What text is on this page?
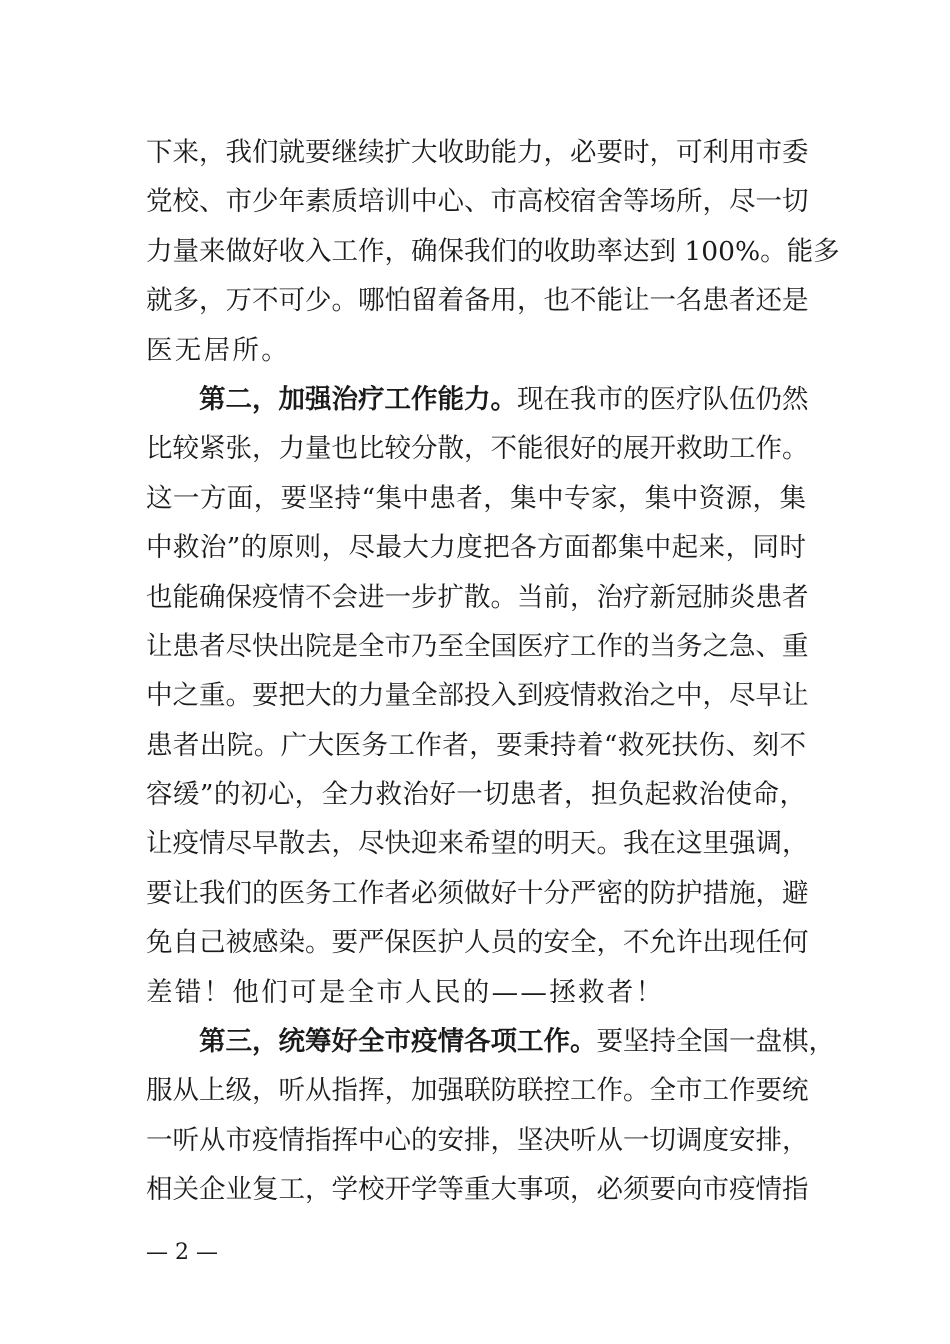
下来，我们就要继续扩大收助能力，必要时，可利用市委
党校、市少年素质培训中心、市高校宿舍等场所，尽一切
力量来做好收入工作，确保我们的收助率达到 100%。能多
就多，万不可少。哪怕留着备用，也不能让一名患者还是
医无居所。
第二，加强治疗工作能力。现在我市的医疗队伍仍然
比较紧张，力量也比较分散，不能很好的展开救助工作。
这一方面，要坚持“集中患者，集中专家，集中资源，集
中救治”的原则，尽最大力度把各方面都集中起来，同时
也能确保疫情不会进一步扩散。当前，治疗新冠肺炎患者
让患者尽快出院是全市乃至全国医疗工作的当务之急、重
中之重。要把大的力量全部投入到疫情救治之中，尽早让
患者出院。广大医务工作者，要秉持着“救死扶伤、刻不
容缓”的初心，全力救治好一切患者，担负起救治使命，
让疫情尽早散去，尽快迎来希望的明天。我在这里强调，
要让我们的医务工作者必须做好十分严密的防护措施，避
免自己被感染。要严保医护人员的安全，不允许出现任何
差错！他们可是全市人民的——拯救者！
第三，统筹好全市疫情各项工作。要坚持全国一盘棋，
服从上级，听从指挥，加强联防联控工作。全市工作要统
一听从市疫情指挥中心的安排，坚决听从一切调度安排，
相关企业复工，学校开学等重大事项，必须要向市疫情指
— 2 —
